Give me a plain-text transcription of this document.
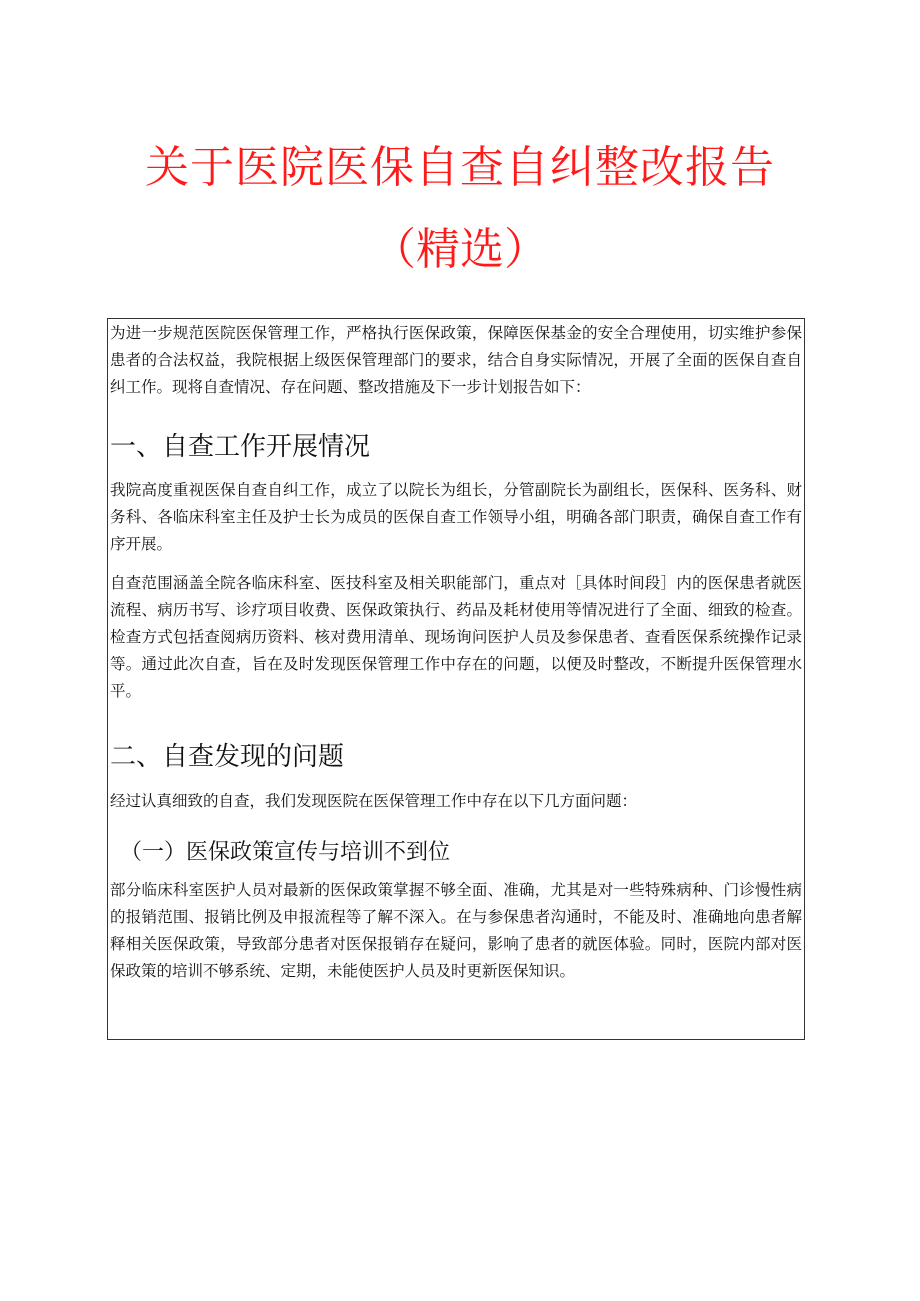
关于医院医保自查自纠整改报告
（精选）

为进一步规范医院医保管理工作，严格执行医保政策，保障医保基金的安全合理使用，切实维护参保患者的合法权益，我院根据上级医保管理部门的要求，结合自身实际情况，开展了全面的医保自查自纠工作。现将自查情况、存在问题、整改措施及下一步计划报告如下：

一、自查工作开展情况

我院高度重视医保自查自纠工作，成立了以院长为组长，分管副院长为副组长，医保科、医务科、财务科、各临床科室主任及护士长为成员的医保自查工作领导小组，明确各部门职责，确保自查工作有序开展。

自查范围涵盖全院各临床科室、医技科室及相关职能部门，重点对［具体时间段］内的医保患者就医流程、病历书写、诊疗项目收费、医保政策执行、药品及耗材使用等情况进行了全面、细致的检查。检查方式包括查阅病历资料、核对费用清单、现场询问医护人员及参保患者、查看医保系统操作记录等。通过此次自查，旨在及时发现医保管理工作中存在的问题，以便及时整改，不断提升医保管理水平。

二、自查发现的问题

经过认真细致的自查，我们发现医院在医保管理工作中存在以下几方面问题：

（一）医保政策宣传与培训不到位

部分临床科室医护人员对最新的医保政策掌握不够全面、准确，尤其是对一些特殊病种、门诊慢性病的报销范围、报销比例及申报流程等了解不深入。在与参保患者沟通时，不能及时、准确地向患者解释相关医保政策，导致部分患者对医保报销存在疑问，影响了患者的就医体验。同时，医院内部对医保政策的培训不够系统、定期，未能使医护人员及时更新医保知识。
